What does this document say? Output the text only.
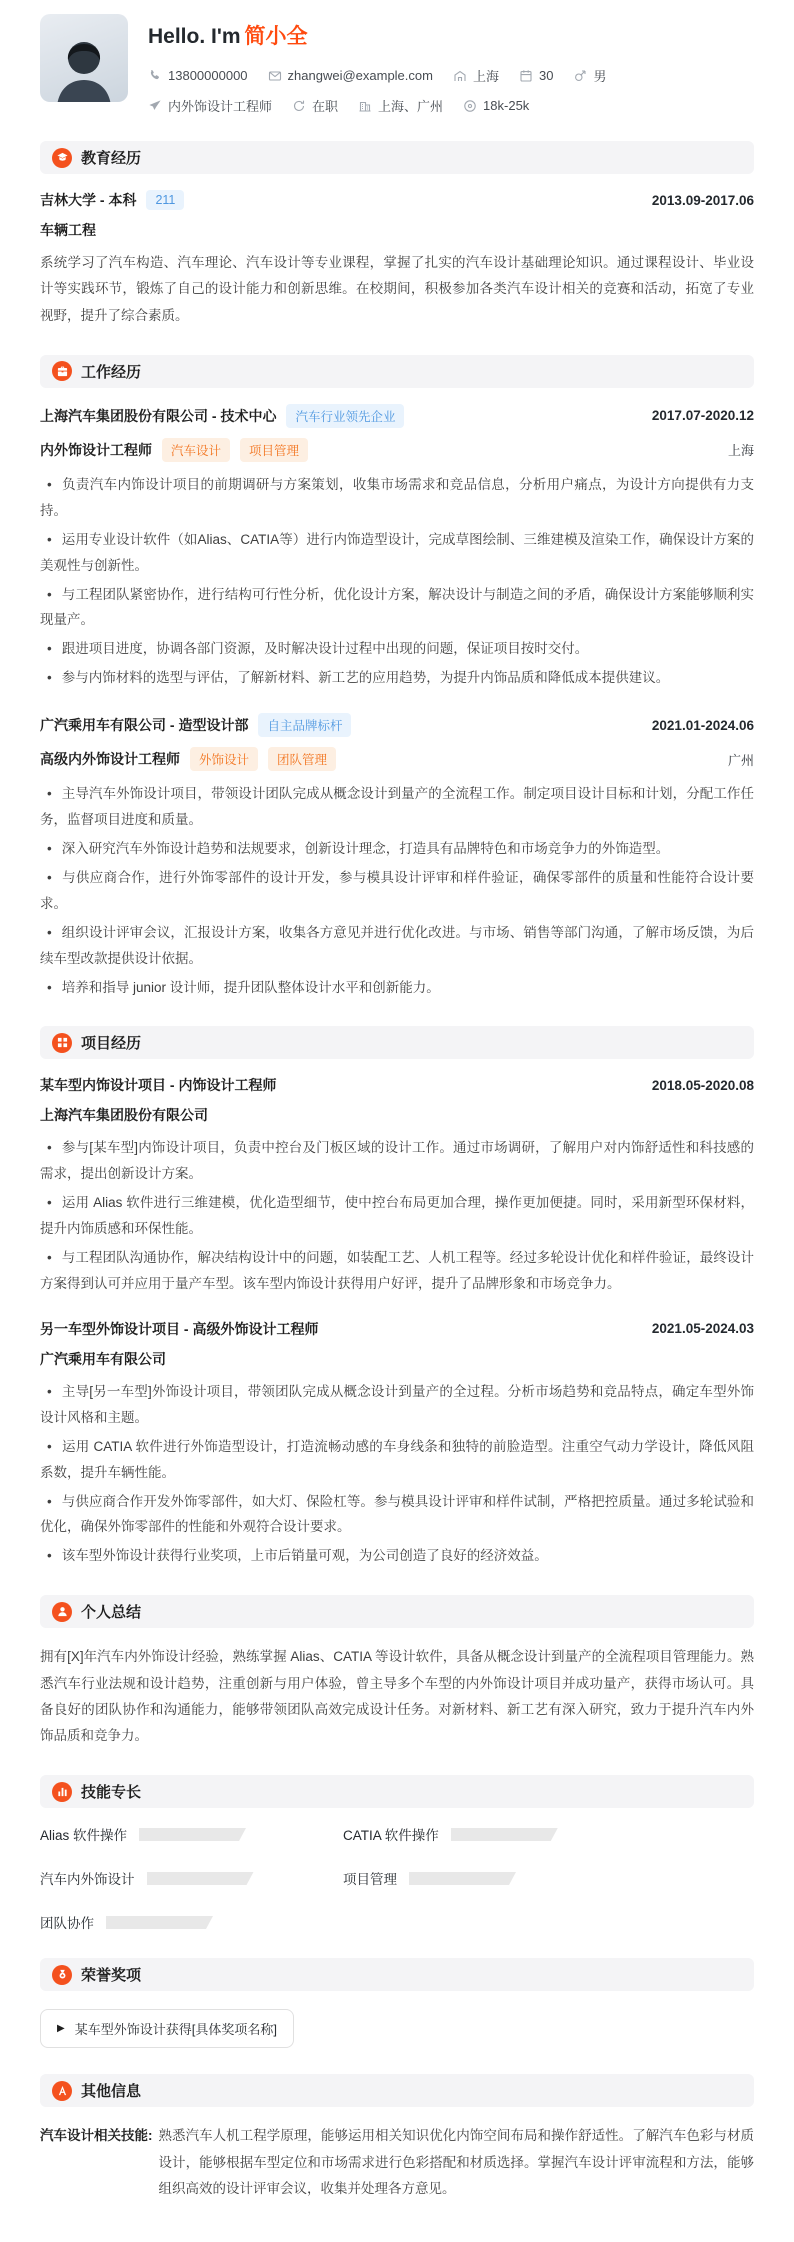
Hello. I'm 简小全
13800000000	zhangwei@example.com	上海	30	男
内外饰设计工程师	在职	上海、广州	18k-25k
教育经历
吉林大学 - 本科	211	2013.09-2017.06
车辆工程

系统学习了汽车构造、汽车理论、汽车设计等专业课程，掌握了扎实的汽车设计基础理论知识。通过课程设计、毕业设计等实践环节，锻炼了自己的设计能力和创新思维。在校期间，积极参加各类汽车设计相关的竞赛和活动，拓宽了专业视野，提升了综合素质。

工作经历
上海汽车集团股份有限公司 - 技术中心	汽车行业领先企业	2017.07-2020.12
内外饰设计工程师	汽车设计	项目管理	上海
• 负责汽车内饰设计项目的前期调研与方案策划，收集市场需求和竞品信息，分析用户痛点，为设计方向提供有力支持。
• 运用专业设计软件（如Alias、CATIA等）进行内饰造型设计，完成草图绘制、三维建模及渲染工作，确保设计方案的美观性与创新性。
• 与工程团队紧密协作，进行结构可行性分析，优化设计方案，解决设计与制造之间的矛盾，确保设计方案能够顺利实现量产。
• 跟进项目进度，协调各部门资源，及时解决设计过程中出现的问题，保证项目按时交付。
• 参与内饰材料的选型与评估，了解新材料、新工艺的应用趋势，为提升内饰品质和降低成本提供建议。
广汽乘用车有限公司 - 造型设计部	自主品牌标杆	2021.01-2024.06
高级内外饰设计工程师	外饰设计	团队管理	广州
• 主导汽车外饰设计项目，带领设计团队完成从概念设计到量产的全流程工作。制定项目设计目标和计划，分配工作任务，监督项目进度和质量。
• 深入研究汽车外饰设计趋势和法规要求，创新设计理念，打造具有品牌特色和市场竞争力的外饰造型。
• 与供应商合作，进行外饰零部件的设计开发，参与模具设计评审和样件验证，确保零部件的质量和性能符合设计要求。
• 组织设计评审会议，汇报设计方案，收集各方意见并进行优化改进。与市场、销售等部门沟通，了解市场反馈，为后续车型改款提供设计依据。
• 培养和指导 junior 设计师，提升团队整体设计水平和创新能力。
项目经历
某车型内饰设计项目 - 内饰设计工程师	2018.05-2020.08
上海汽车集团股份有限公司
• 参与[某车型]内饰设计项目，负责中控台及门板区域的设计工作。通过市场调研，了解用户对内饰舒适性和科技感的需求，提出创新设计方案。
• 运用 Alias 软件进行三维建模，优化造型细节，使中控台布局更加合理，操作更加便捷。同时，采用新型环保材料，提升内饰质感和环保性能。
• 与工程团队沟通协作，解决结构设计中的问题，如装配工艺、人机工程等。经过多轮设计优化和样件验证，最终设计方案得到认可并应用于量产车型。该车型内饰设计获得用户好评，提升了品牌形象和市场竞争力。
另一车型外饰设计项目 - 高级外饰设计工程师	2021.05-2024.03
广汽乘用车有限公司
• 主导[另一车型]外饰设计项目，带领团队完成从概念设计到量产的全过程。分析市场趋势和竞品特点，确定车型外饰设计风格和主题。
• 运用 CATIA 软件进行外饰造型设计，打造流畅动感的车身线条和独特的前脸造型。注重空气动力学设计，降低风阻系数，提升车辆性能。
• 与供应商合作开发外饰零部件，如大灯、保险杠等。参与模具设计评审和样件试制，严格把控质量。通过多轮试验和优化，确保外饰零部件的性能和外观符合设计要求。
• 该车型外饰设计获得行业奖项，上市后销量可观，为公司创造了良好的经济效益。
个人总结

拥有[X]年汽车内外饰设计经验，熟练掌握 Alias、CATIA 等设计软件，具备从概念设计到量产的全流程项目管理能力。熟悉汽车行业法规和设计趋势，注重创新与用户体验，曾主导多个车型的内外饰设计项目并成功量产，获得市场认可。具备良好的团队协作和沟通能力，能够带领团队高效完成设计任务。对新材料、新工艺有深入研究，致力于提升汽车内外饰品质和竞争力。

技能专长
Alias 软件操作	CATIA 软件操作
汽车内外饰设计	项目管理
团队协作
荣誉奖项
▶ 某车型外饰设计获得[具体奖项名称]
其他信息
汽车设计相关技能: 熟悉汽车人机工程学原理，能够运用相关知识优化内饰空间布局和操作舒适性。了解汽车色彩与材质设计，能够根据车型定位和市场需求进行色彩搭配和材质选择。掌握汽车设计评审流程和方法，能够组织高效的设计评审会议，收集并处理各方意见。
